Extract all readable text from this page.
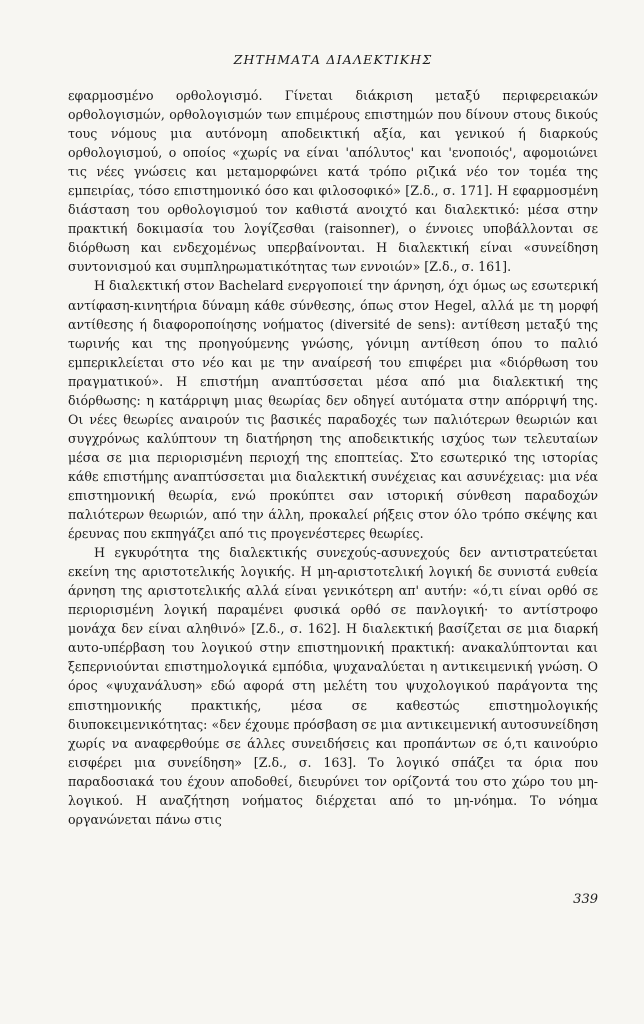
ΖΗΤΗΜΑΤΑ ΔΙΑΛΕΚΤΙΚΗΣ

εφαρμοσμένο ορθολογισμό. Γίνεται διάκριση μεταξύ περιφερειακών ορθολογισμών, ορθολογισμών των επιμέρους επιστημών που δίνουν στους δικούς τους νόμους μια αυτόνομη αποδεικτική αξία, και γενικού ή διαρκούς ορθολογισμού, ο οποίος «χωρίς να είναι 'απόλυτος' και 'ενοποιός', αφομοιώνει τις νέες γνώσεις και μεταμορφώνει κατά τρόπο ριζικά νέο τον τομέα της εμπειρίας, τόσο επιστημονικό όσο και φιλοσοφικό» [Ζ.δ., σ. 171]. Η εφαρμοσμένη διάσταση του ορθολογισμού τον καθιστά ανοιχτό και διαλεκτικό: μέσα στην πρακτική δοκιμασία του λογίζεσθαι (raisonner), ο έννοιες υποβάλλονται σε διόρθωση και ενδεχομένως υπερβαίνονται. Η διαλεκτική είναι «συνείδηση συντονισμού και συμπληρωματικότητας των εννοιών» [Ζ.δ., σ. 161].

Η διαλεκτική στον Bachelard ενεργοποιεί την άρνηση, όχι όμως ως εσωτερική αντίφαση-κινητήρια δύναμη κάθε σύνθεσης, όπως στον Hegel, αλλά με τη μορφή αντίθεσης ή διαφοροποίησης νοήματος (diversité de sens): αντίθεση μεταξύ της τωρινής και της προηγούμενης γνώσης, γόνιμη αντίθεση όπου το παλιό εμπερικλείεται στο νέο και με την αναίρεσή του επιφέρει μια «διόρθωση του πραγματικού». Η επιστήμη αναπτύσσεται μέσα από μια διαλεκτική της διόρθωσης: η κατάρριψη μιας θεωρίας δεν οδηγεί αυτόματα στην απόρριψή της. Οι νέες θεωρίες αναιρούν τις βασικές παραδοχές των παλιότερων θεωριών και συγχρόνως καλύπτουν τη διατήρηση της αποδεικτικής ισχύος των τελευταίων μέσα σε μια περιορισμένη περιοχή της εποπτείας. Στο εσωτερικό της ιστορίας κάθε επιστήμης αναπτύσσεται μια διαλεκτική συνέχειας και ασυνέχειας: μια νέα επιστημονική θεωρία, ενώ προκύπτει σαν ιστορική σύνθεση παραδοχών παλιότερων θεωριών, από την άλλη, προκαλεί ρήξεις στον όλο τρόπο σκέψης και έρευνας που εκπηγάζει από τις προγενέστερες θεωρίες.

Η εγκυρότητα της διαλεκτικής συνεχούς-ασυνεχούς δεν αντιστρατεύεται εκείνη της αριστοτελικής λογικής. Η μη-αριστοτελική λογική δε συνιστά ευθεία άρνηση της αριστοτελικής αλλά είναι γενικότερη απ' αυτήν: «ό,τι είναι ορθό σε περιορισμένη λογική παραμένει φυσικά ορθό σε πανλογική· το αντίστροφο μονάχα δεν είναι αληθινό» [Ζ.δ., σ. 162]. Η διαλεκτική βασίζεται σε μια διαρκή αυτο-υπέρβαση του λογικού στην επιστημονική πρακτική: ανακαλύπτονται και ξεπερνιούνται επιστημολογικά εμπόδια, ψυχαναλύεται η αντικειμενική γνώση. Ο όρος «ψυχανάλυση» εδώ αφορά στη μελέτη του ψυχολογικού παράγοντα της επιστημονικής πρακτικής, μέσα σε καθεστώς επιστημολογικής διυποκειμενικότητας: «δεν έχουμε πρόσβαση σε μια αντικειμενική αυτοσυνείδηση χωρίς να αναφερθούμε σε άλλες συνειδήσεις και προπάντων σε ό,τι καινούριο εισφέρει μια συνείδηση» [Ζ.δ., σ. 163]. Το λογικό σπάζει τα όρια που παραδοσιακά του έχουν αποδοθεί, διευρύνει τον ορίζοντά του στο χώρο του μη-λογικού. Η αναζήτηση νοήματος διέρχεται από το μη-νόημα. Το νόημα οργανώνεται πάνω στις

339
